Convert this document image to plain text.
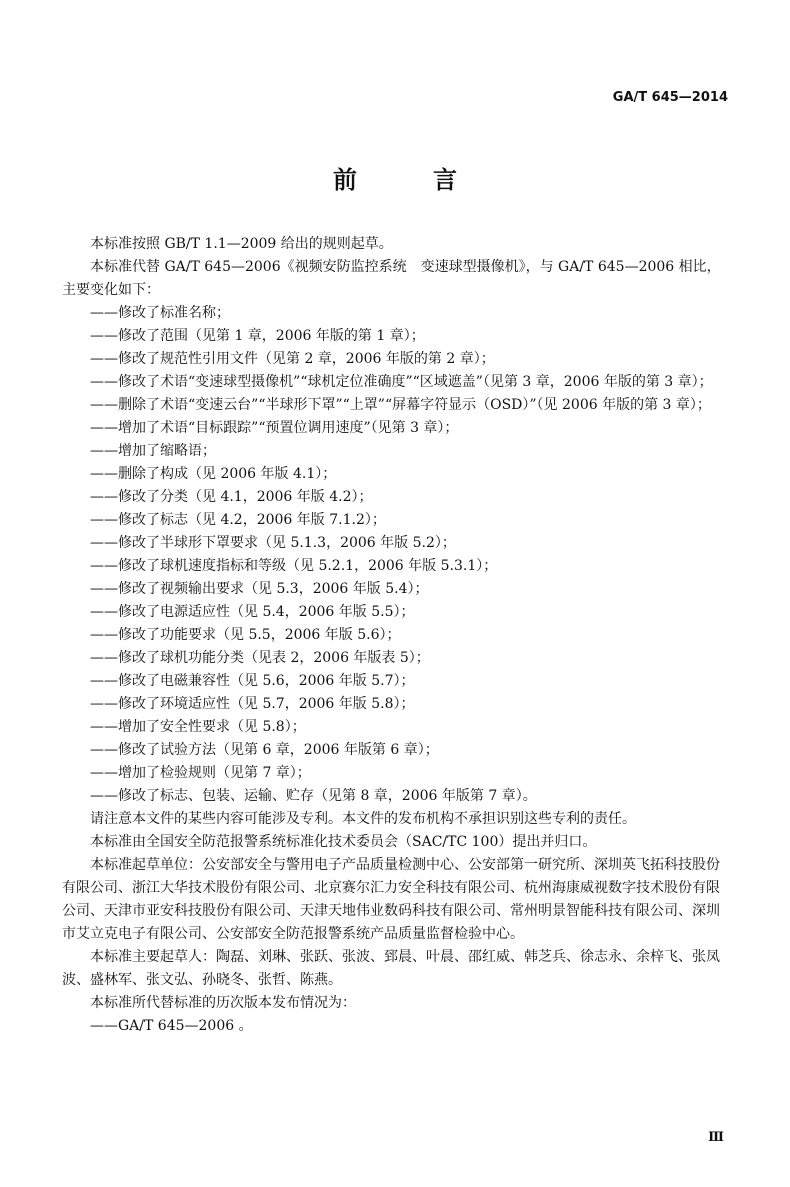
GA/T 645—2014
前　言

本标准按照 GB/T 1.1—2009 给出的规则起草。

本标准代替 GA/T 645—2006《视频安防监控系统　变速球型摄像机》，与 GA/T 645—2006 相比，主要变化如下：

——修改了标准名称；

——修改了范围（见第 1 章，2006 年版的第 1 章）；

——修改了规范性引用文件（见第 2 章，2006 年版的第 2 章）；

——修改了术语“变速球型摄像机”“球机定位准确度”“区域遮盖”（见第 3 章，2006 年版的第 3 章）；

——删除了术语“变速云台”“半球形下罩”“上罩”“屏幕字符显示（OSD）”（见 2006 年版的第 3 章）；

——增加了术语“目标跟踪”“预置位调用速度”（见第 3 章）；

——增加了缩略语；

——删除了构成（见 2006 年版 4.1）；

——修改了分类（见 4.1，2006 年版 4.2）；

——修改了标志（见 4.2，2006 年版 7.1.2）；

——修改了半球形下罩要求（见 5.1.3，2006 年版 5.2）；

——修改了球机速度指标和等级（见 5.2.1，2006 年版 5.3.1）；

——修改了视频输出要求（见 5.3，2006 年版 5.4）；

——修改了电源适应性（见 5.4，2006 年版 5.5）；

——修改了功能要求（见 5.5，2006 年版 5.6）；

——修改了球机功能分类（见表 2，2006 年版表 5）；

——修改了电磁兼容性（见 5.6，2006 年版 5.7）；

——修改了环境适应性（见 5.7，2006 年版 5.8）；

——增加了安全性要求（见 5.8）；

——修改了试验方法（见第 6 章，2006 年版第 6 章）；

——增加了检验规则（见第 7 章）；

——修改了标志、包装、运输、贮存（见第 8 章，2006 年版第 7 章）。

请注意本文件的某些内容可能涉及专利。本文件的发布机构不承担识别这些专利的责任。

本标准由全国安全防范报警系统标准化技术委员会（SAC/TC 100）提出并归口。

本标准起草单位：公安部安全与警用电子产品质量检测中心、公安部第一研究所、深圳英飞拓科技股份有限公司、浙江大华技术股份有限公司、北京赛尔汇力安全科技有限公司、杭州海康威视数字技术股份有限公司、天津市亚安科技股份有限公司、天津天地伟业数码科技有限公司、常州明景智能科技有限公司、深圳市艾立克电子有限公司、公安部安全防范报警系统产品质量监督检验中心。

本标准主要起草人：陶磊、刘琳、张跃、张波、郅晨、叶晨、邵红威、韩芝兵、徐志永、余梓飞、张凤波、盛林军、张文弘、孙晓冬、张哲、陈燕。

本标准所代替标准的历次版本发布情况为：

——GA/T 645—2006 。

Ⅲ
